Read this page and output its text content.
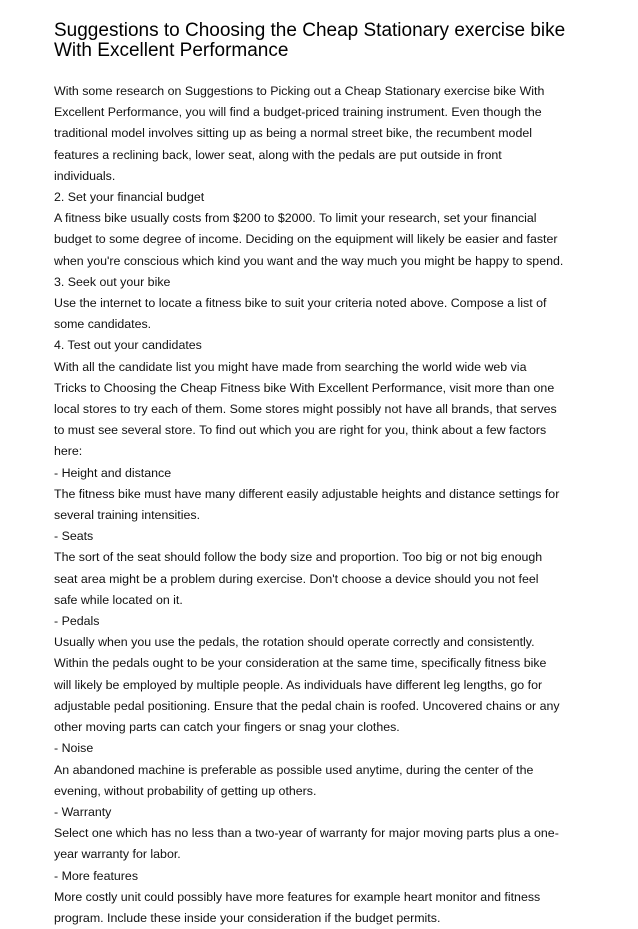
Suggestions to Choosing the Cheap Stationary exercise bike
With Excellent Performance
With some research on Suggestions to Picking out a Cheap Stationary exercise bike With
Excellent Performance, you will find a budget-priced training instrument. Even though the
traditional model involves sitting up as being a normal street bike, the recumbent model
features a reclining back, lower seat, along with the pedals are put outside in front
individuals.
2. Set your financial budget
A fitness bike usually costs from $200 to $2000. To limit your research, set your financial
budget to some degree of income. Deciding on the equipment will likely be easier and faster
when you're conscious which kind you want and the way much you might be happy to spend.
3. Seek out your bike
Use the internet to locate a fitness bike to suit your criteria noted above. Compose a list of
some candidates.
4. Test out your candidates
With all the candidate list you might have made from searching the world wide web via
Tricks to Choosing the Cheap Fitness bike With Excellent Performance, visit more than one
local stores to try each of them. Some stores might possibly not have all brands, that serves
to must see several store. To find out which you are right for you, think about a few factors
here:
- Height and distance
The fitness bike must have many different easily adjustable heights and distance settings for
several training intensities.
- Seats
The sort of the seat should follow the body size and proportion. Too big or not big enough
seat area might be a problem during exercise. Don't choose a device should you not feel
safe while located on it.
- Pedals
Usually when you use the pedals, the rotation should operate correctly and consistently.
Within the pedals ought to be your consideration at the same time, specifically fitness bike
will likely be employed by multiple people. As individuals have different leg lengths, go for
adjustable pedal positioning. Ensure that the pedal chain is roofed. Uncovered chains or any
other moving parts can catch your fingers or snag your clothes.
- Noise
An abandoned machine is preferable as possible used anytime, during the center of the
evening, without probability of getting up others.
- Warranty
Select one which has no less than a two-year of warranty for major moving parts plus a one-
year warranty for labor.
- More features
More costly unit could possibly have more features for example heart monitor and fitness
program. Include these inside your consideration if the budget permits.
